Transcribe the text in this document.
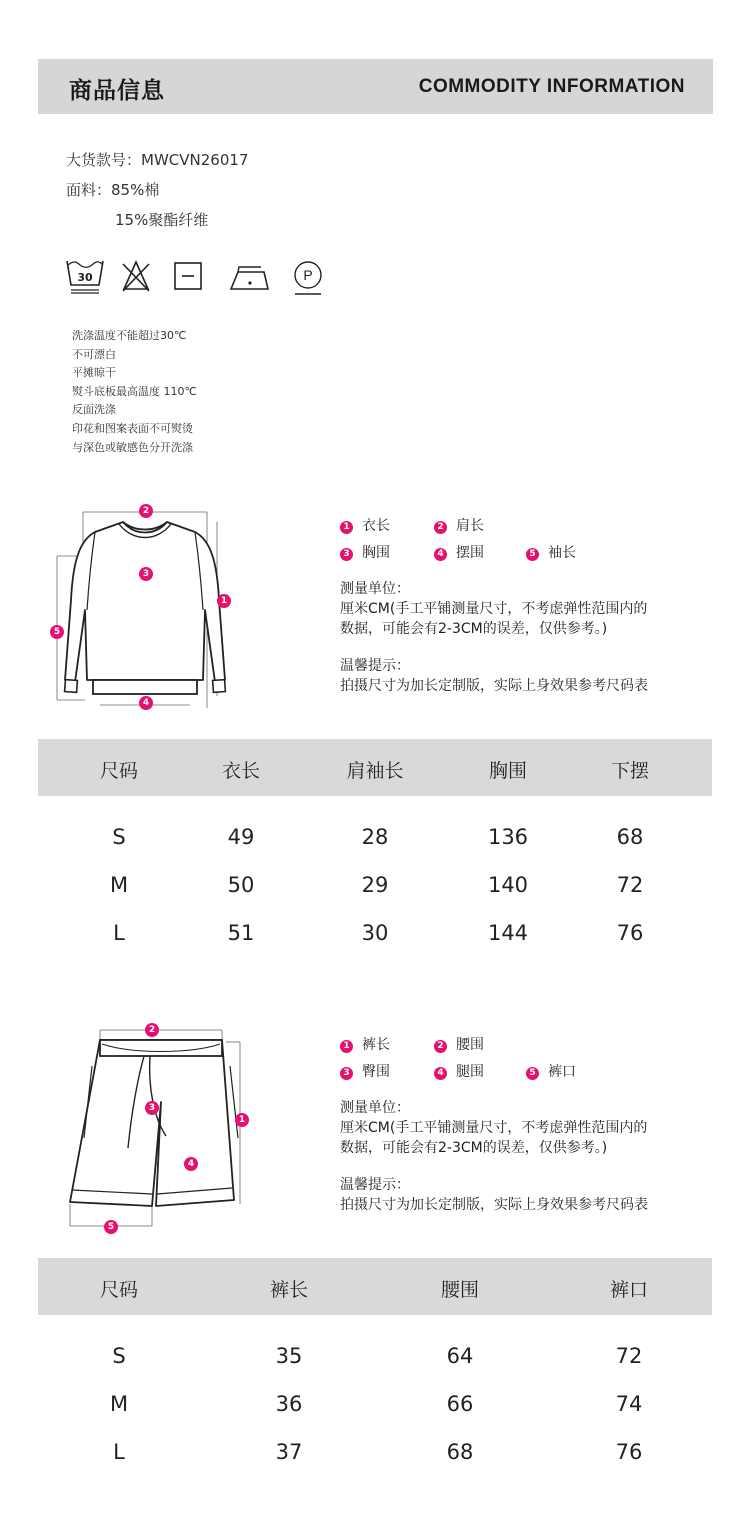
商品信息	COMMODITY INFORMATION
大货款号：MWCVN26017
面料：85%棉
15%聚酯纤维
30	P
洗涤温度不能超过30℃
不可漂白
平摊晾干
熨斗底板最高温度 110℃
反面洗涤
印花和图案表面不可熨烫
与深色或敏感色分开洗涤
2
3
1
5
4
1 衣长	2 肩长
3 胸围	4 摆围	5 袖长
测量单位：
厘米CM(手工平铺测量尺寸，不考虑弹性范围内的
数据，可能会有2-3CM的误差，仅供参考。)
温馨提示：
拍摄尺寸为加长定制版，实际上身效果参考尺码表
尺码	衣长	肩袖长	胸围	下摆
S	49	28	136	68
M	50	29	140	72
L	51	30	144	76
2
3
1
4
5
1 裤长	2 腰围
3 臀围	4 腿围	5 裤口
测量单位：
厘米CM(手工平铺测量尺寸，不考虑弹性范围内的
数据，可能会有2-3CM的误差，仅供参考。)
温馨提示：
拍摄尺寸为加长定制版，实际上身效果参考尺码表
尺码	裤长	腰围	裤口
S	35	64	72
M	36	66	74
L	37	68	76
